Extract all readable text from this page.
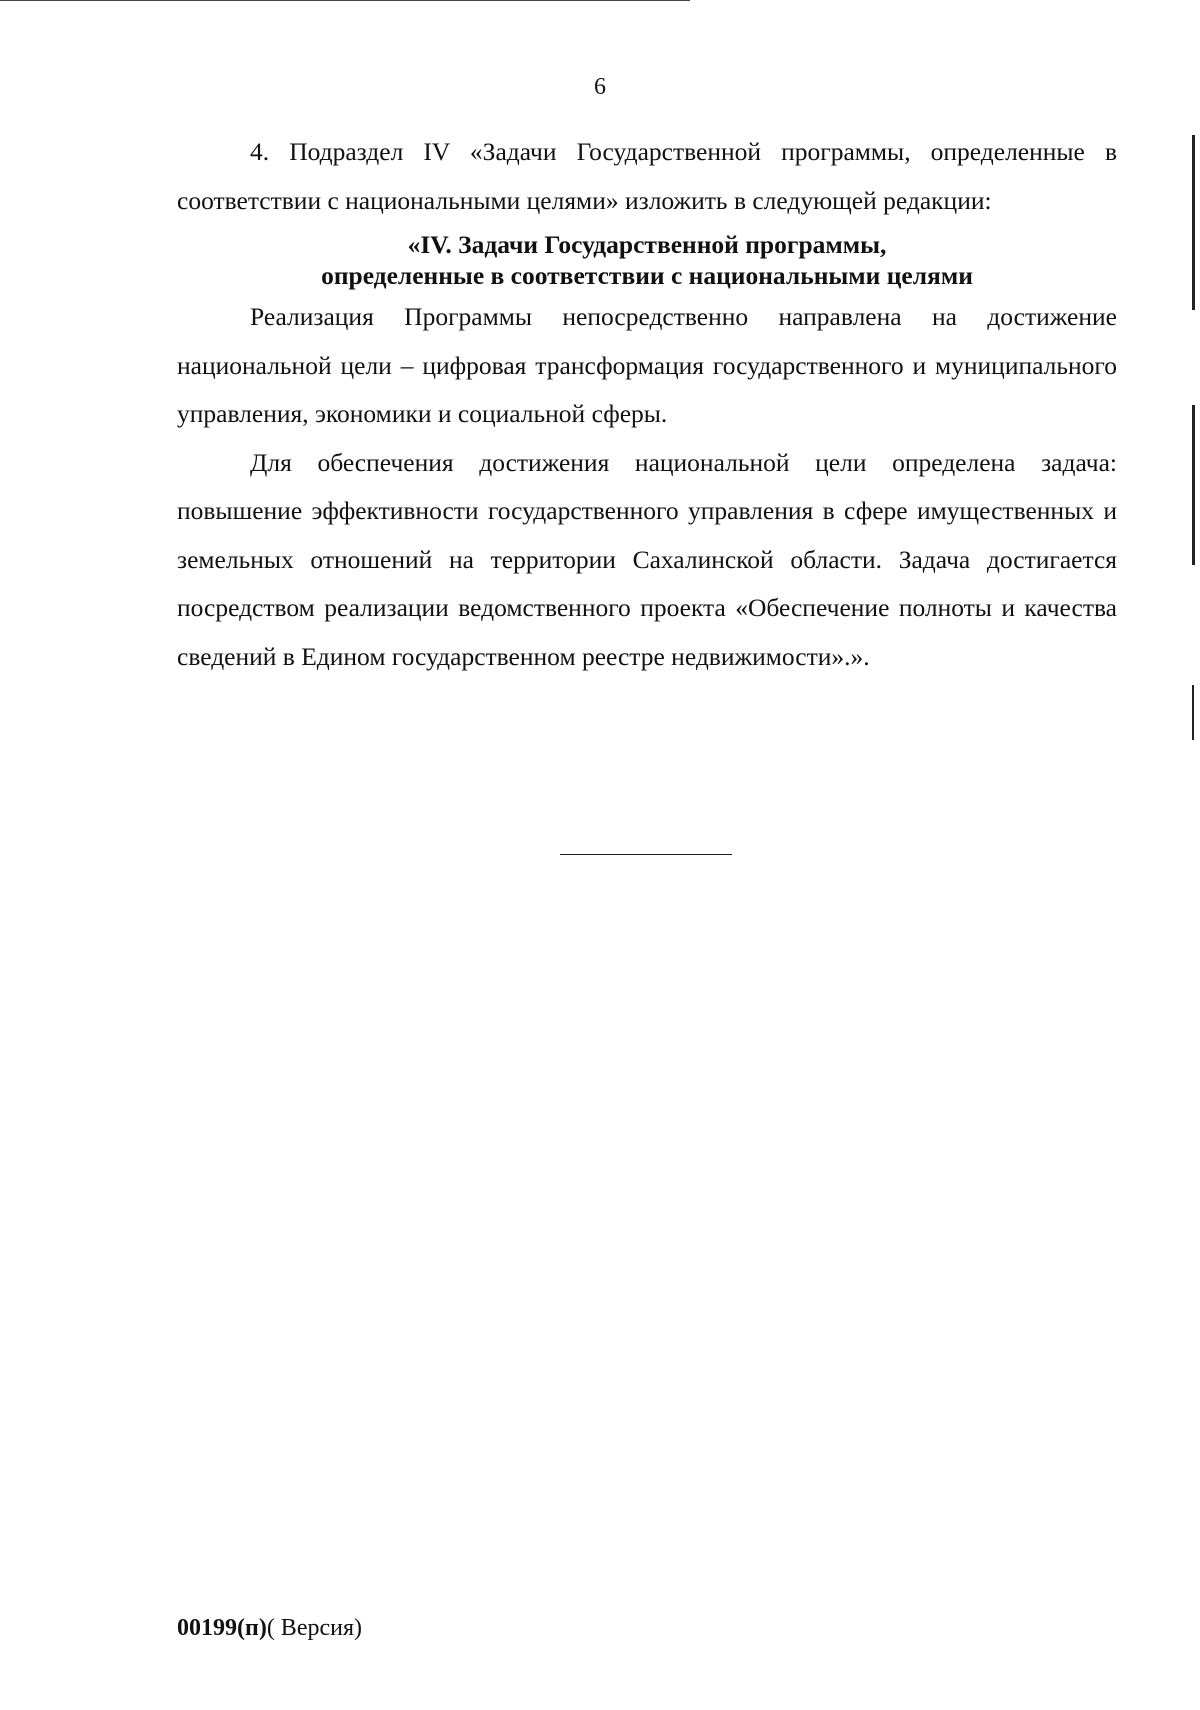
6

4. Подраздел IV «Задачи Государственной программы, определенные в соответствии с национальными целями» изложить в следующей редакции:

«IV. Задачи Государственной программы,
определенные в соответствии с национальными целями

Реализация Программы непосредственно направлена на достижение национальной цели – цифровая трансформация государственного и муниципального управления, экономики и социальной сферы.

Для обеспечения достижения национальной цели определена задача: повышение эффективности государственного управления в сфере имущественных и земельных отношений на территории Сахалинской области. Задача достигается посредством реализации ведомственного проекта «Обеспечение полноты и качества сведений в Едином государственном реестре недвижимости».».

00199(п)( Версия)
